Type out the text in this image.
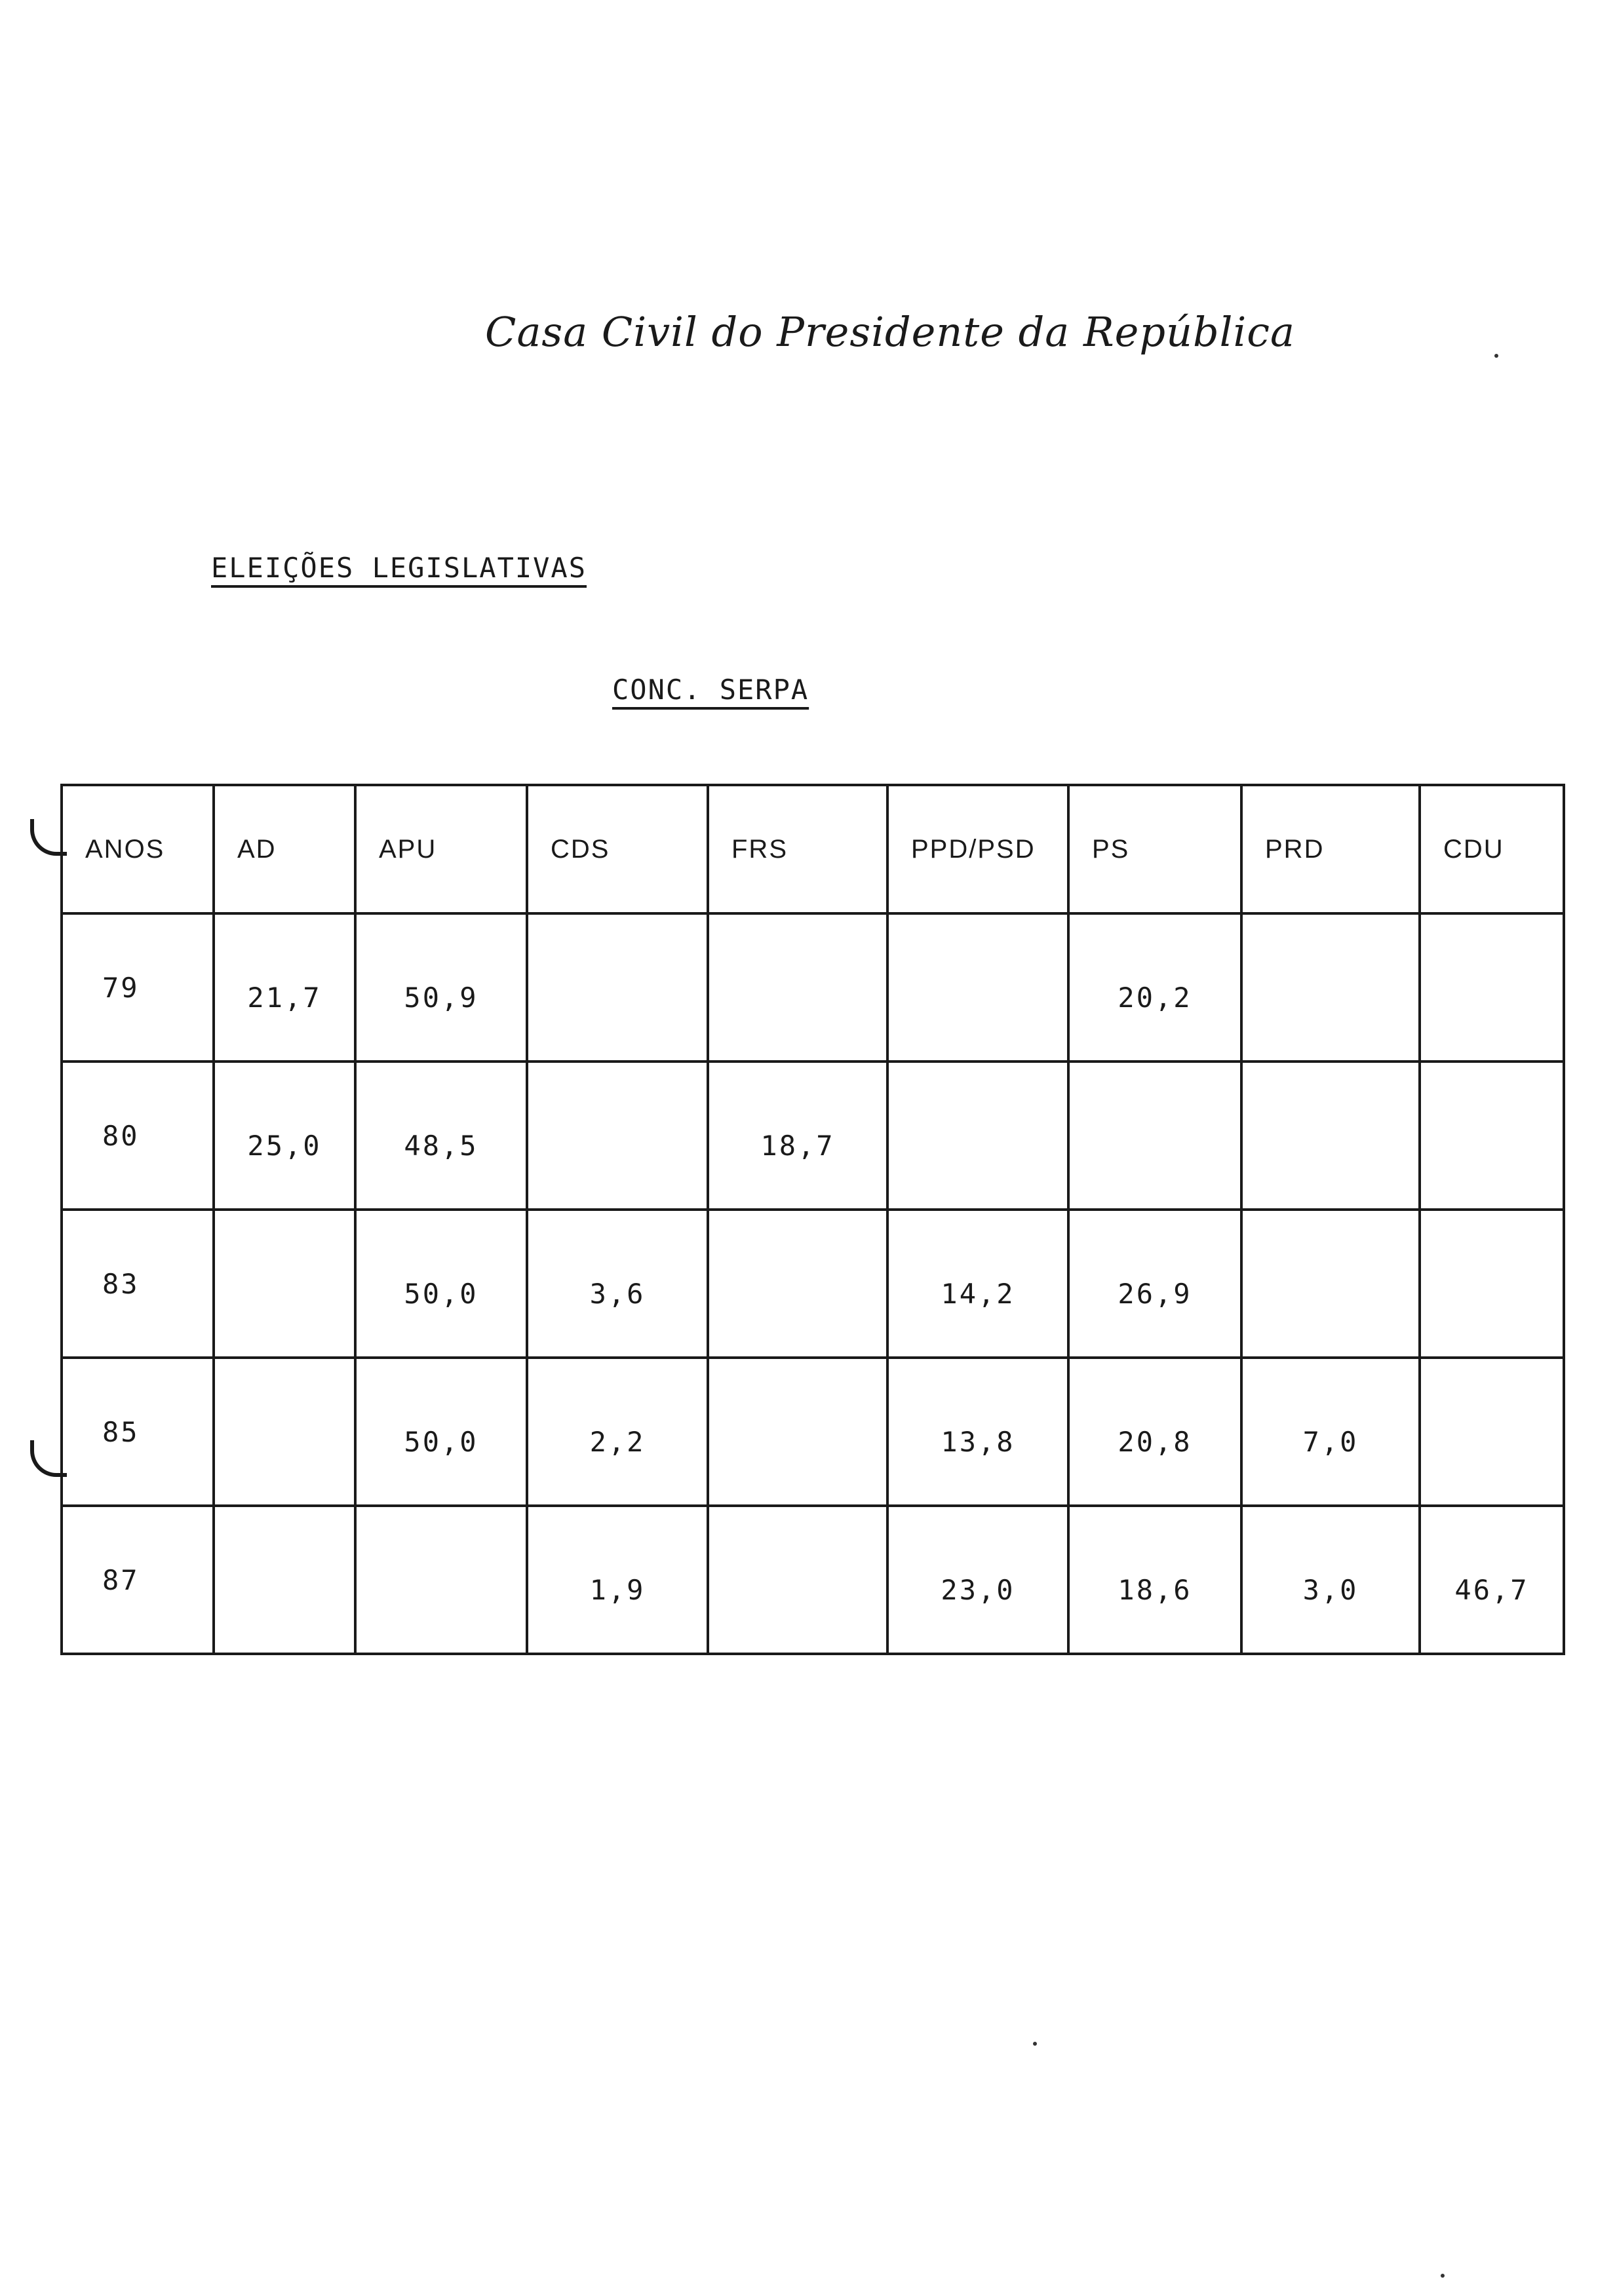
Casa Civil do Presidente da República
ELEIÇÕES LEGISLATIVAS
CONC. SERPA
ANOS	AD	APU	CDS	FRS	PPD/PSD	PS	PRD	CDU
79	21,7	50,9				20,2		
80	25,0	48,5		18,7				
83		50,0	3,6		14,2	26,9		
85		50,0	2,2		13,8	20,8	7,0	
87			1,9		23,0	18,6	3,0	46,7
